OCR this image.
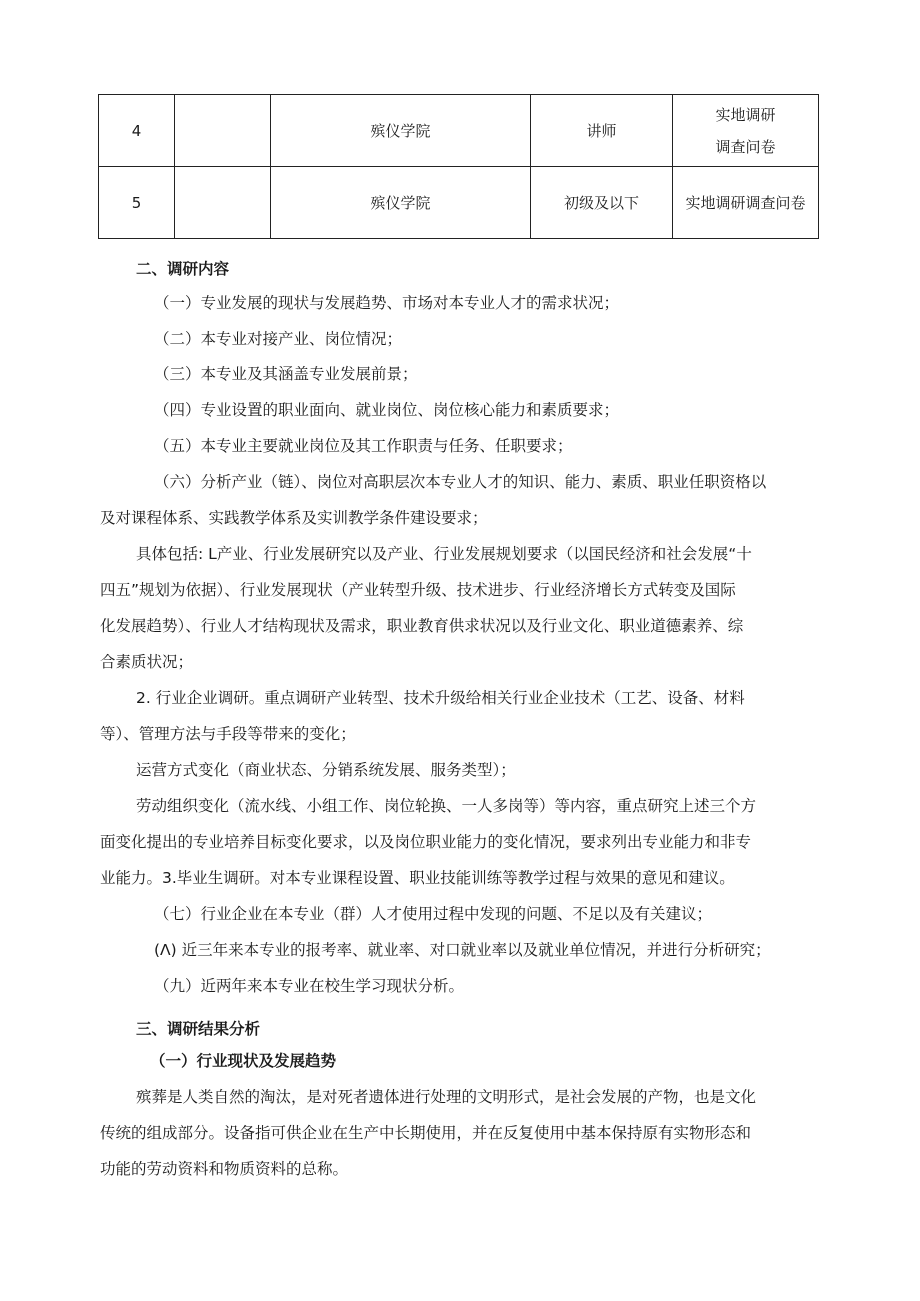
4		殡仪学院	讲师	实地调研
调查问卷

5		殡仪学院	初级及以下	实地调研调查问卷
二、调研内容
（一）专业发展的现状与发展趋势、市场对本专业人才的需求状况；
（二）本专业对接产业、岗位情况；
（三）本专业及其涵盖专业发展前景；
（四）专业设置的职业面向、就业岗位、岗位核心能力和素质要求；
（五）本专业主要就业岗位及其工作职责与任务、任职要求；
（六）分析产业（链）、岗位对高职层次本专业人才的知识、能力、素质、职业任职资格以
及对课程体系、实践教学体系及实训教学条件建设要求；
具体包括: L产业、行业发展研究以及产业、行业发展规划要求（以国民经济和社会发展“十
四五”规划为依据）、行业发展现状（产业转型升级、技术进步、行业经济增长方式转变及国际
化发展趋势）、行业人才结构现状及需求，职业教育供求状况以及行业文化、职业道德素养、综
合素质状况；
2. 行业企业调研。重点调研产业转型、技术升级给相关行业企业技术（工艺、设备、材料
等）、管理方法与手段等带来的变化；
运营方式变化（商业状态、分销系统发展、服务类型）；
劳动组织变化（流水线、小组工作、岗位轮换、一人多岗等）等内容，重点研究上述三个方
面变化提出的专业培养目标变化要求，以及岗位职业能力的变化情况，要求列出专业能力和非专
业能力。3.毕业生调研。对本专业课程设置、职业技能训练等教学过程与效果的意见和建议。
（七）行业企业在本专业（群）人才使用过程中发现的问题、不足以及有关建议；
(Λ) 近三年来本专业的报考率、就业率、对口就业率以及就业单位情况，并进行分析研究；
（九）近两年来本专业在校生学习现状分析。
三、调研结果分析
（一）行业现状及发展趋势
殡葬是人类自然的淘汰，是对死者遗体进行处理的文明形式，是社会发展的产物，也是文化
传统的组成部分。设备指可供企业在生产中长期使用，并在反复使用中基本保持原有实物形态和
功能的劳动资料和物质资料的总称。
